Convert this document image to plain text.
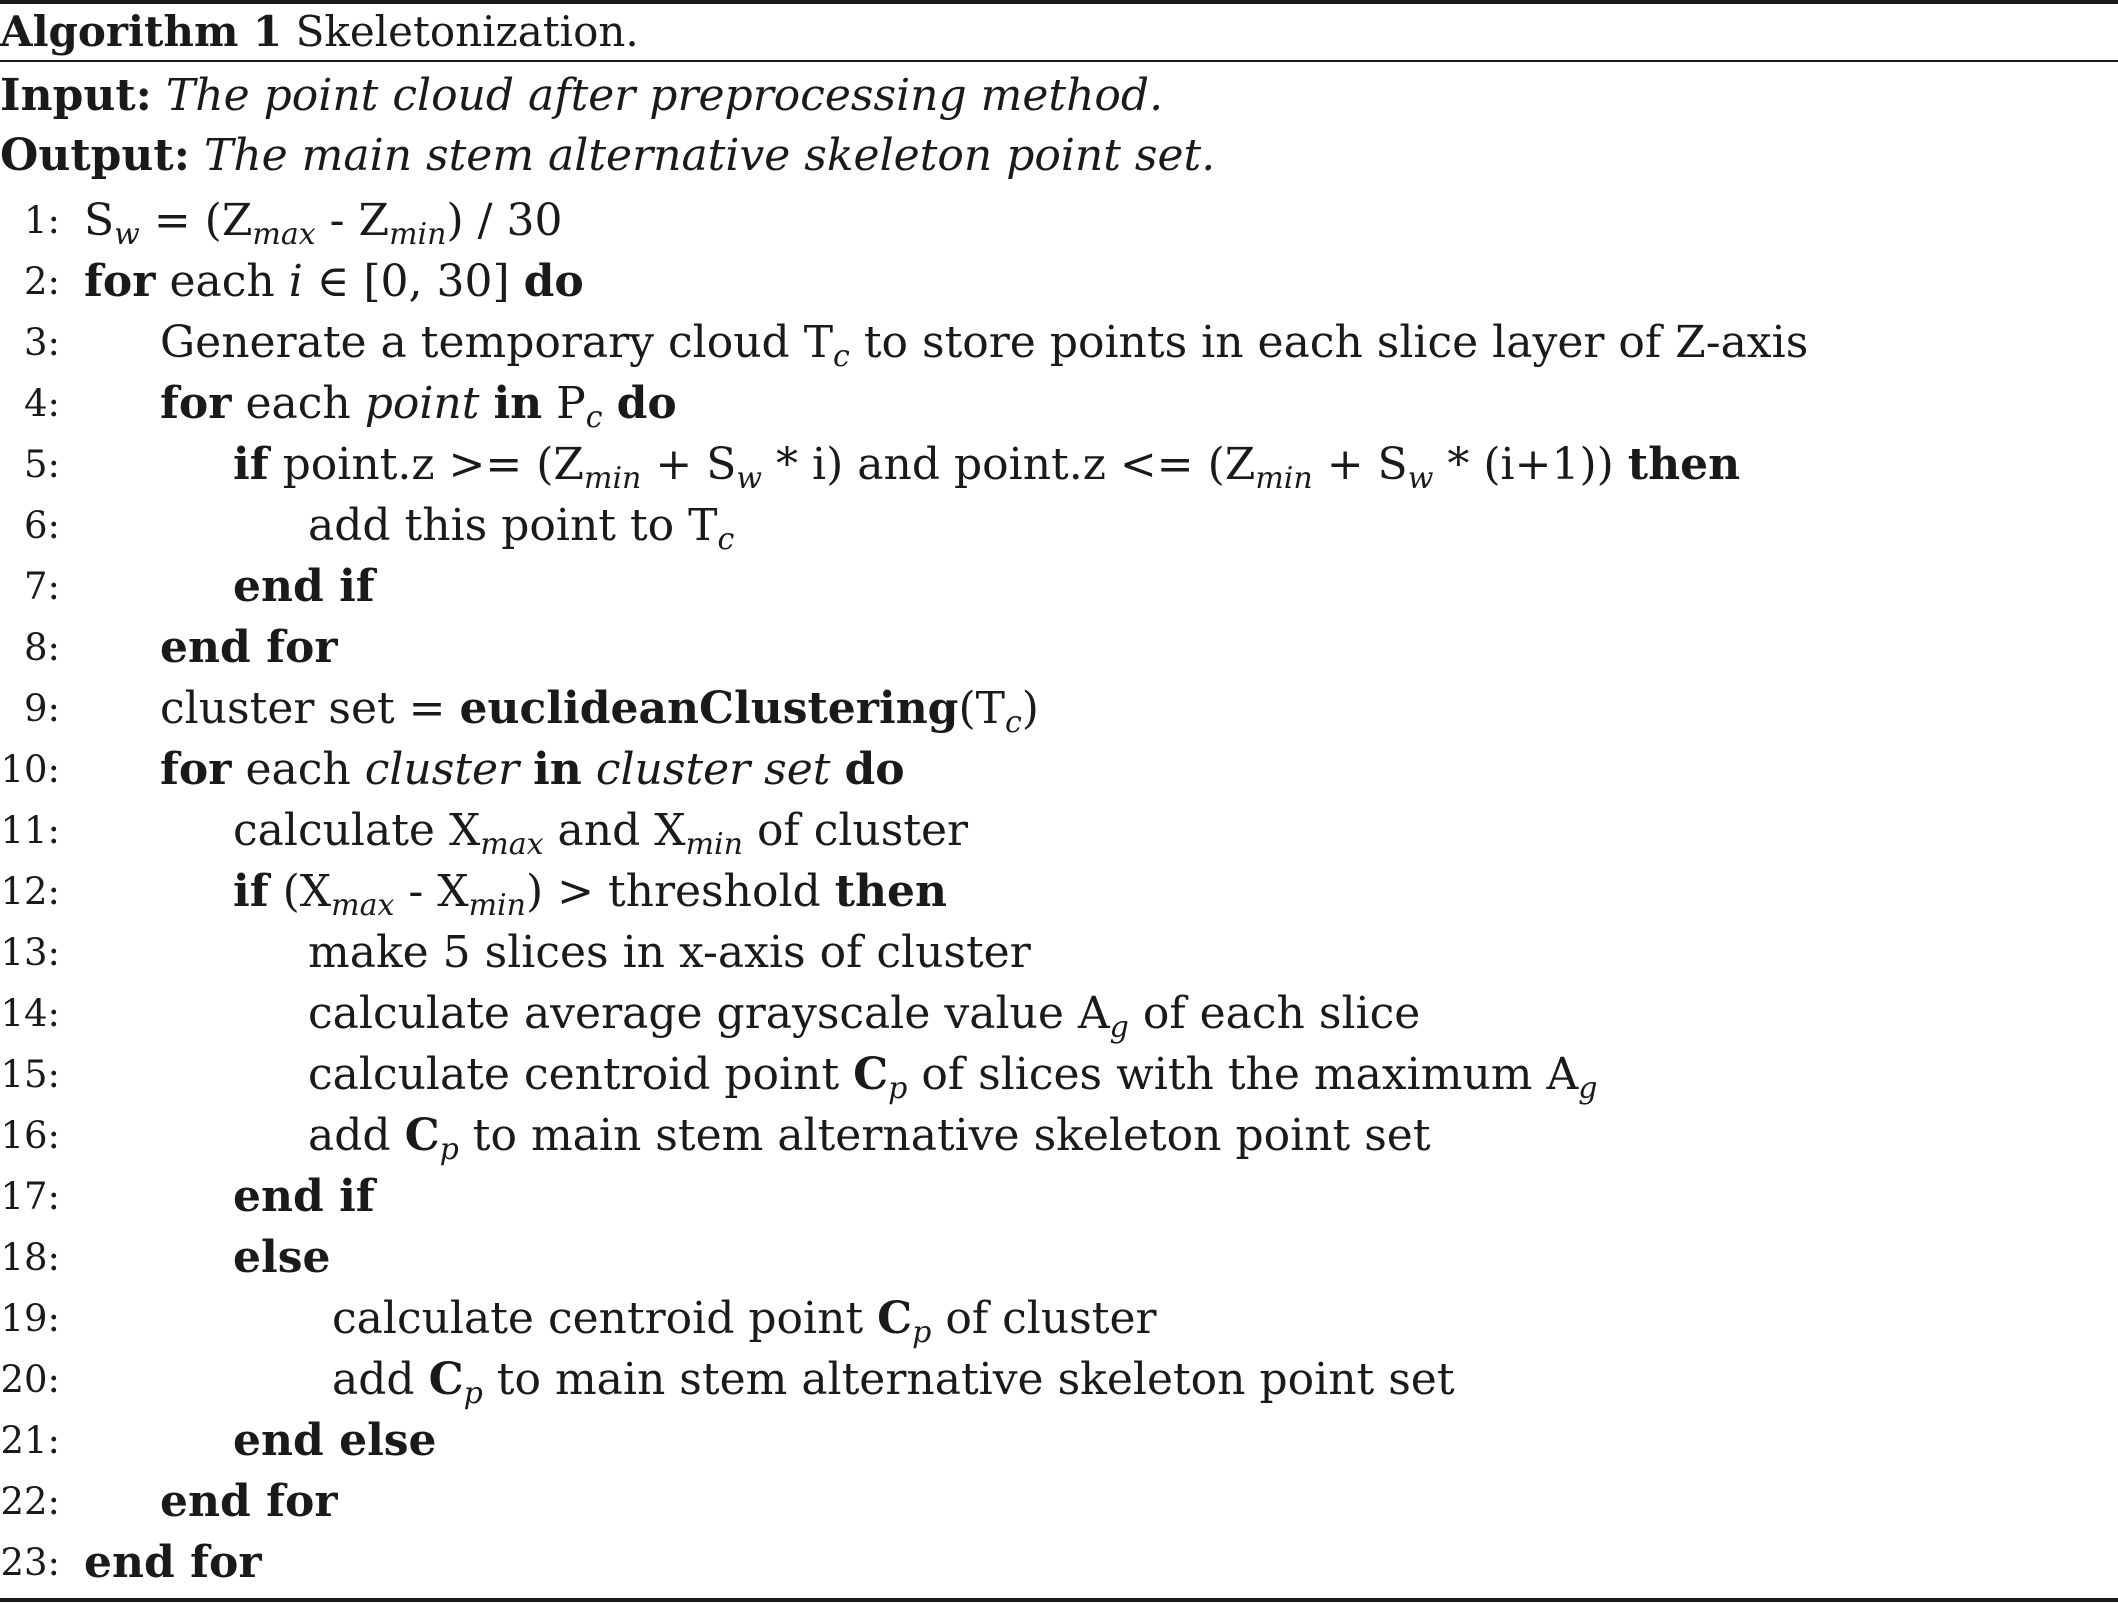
Algorithm 1 Skeletonization.
Input: The point cloud after preprocessing method.
Output: The main stem alternative skeleton point set.
1: $S_w = (Z_{max} - Z_{min}) / 30$
2: for each i ∈ [0, 30] do
3: Generate a temporary cloud $T_c$ to store points in each slice layer of Z-axis
4: for each point in $P_c$ do
5:	if point.z >= $(Z_{min} + S_w * i)$ and point.z <= $(Z_{min} + S_w * (i+1))$ then
6:	add this point to $T_c$
7:	end if
8: end for
9: cluster set = $euclideanClustering(T_c)$
10: for each cluster in cluster set do
11:	calculate $X_{max}$ and $X_{min}$ of cluster
12:	if $(X_{max} - X_{min})$ > threshold then
13:	make 5 slices in x-axis of cluster
14:	calculate average grayscale value $A_g$ of each slice
15:	calculate centroid point $C_p$ of slices with the maximum $A_g$
16:	add $C_p$ to main stem alternative skeleton point set
17:	end if
18:	else
19:	calculate centroid point $C_p$ of cluster
20:	add $C_p$ to main stem alternative skeleton point set
21:	end else
22: end for
23: end for
